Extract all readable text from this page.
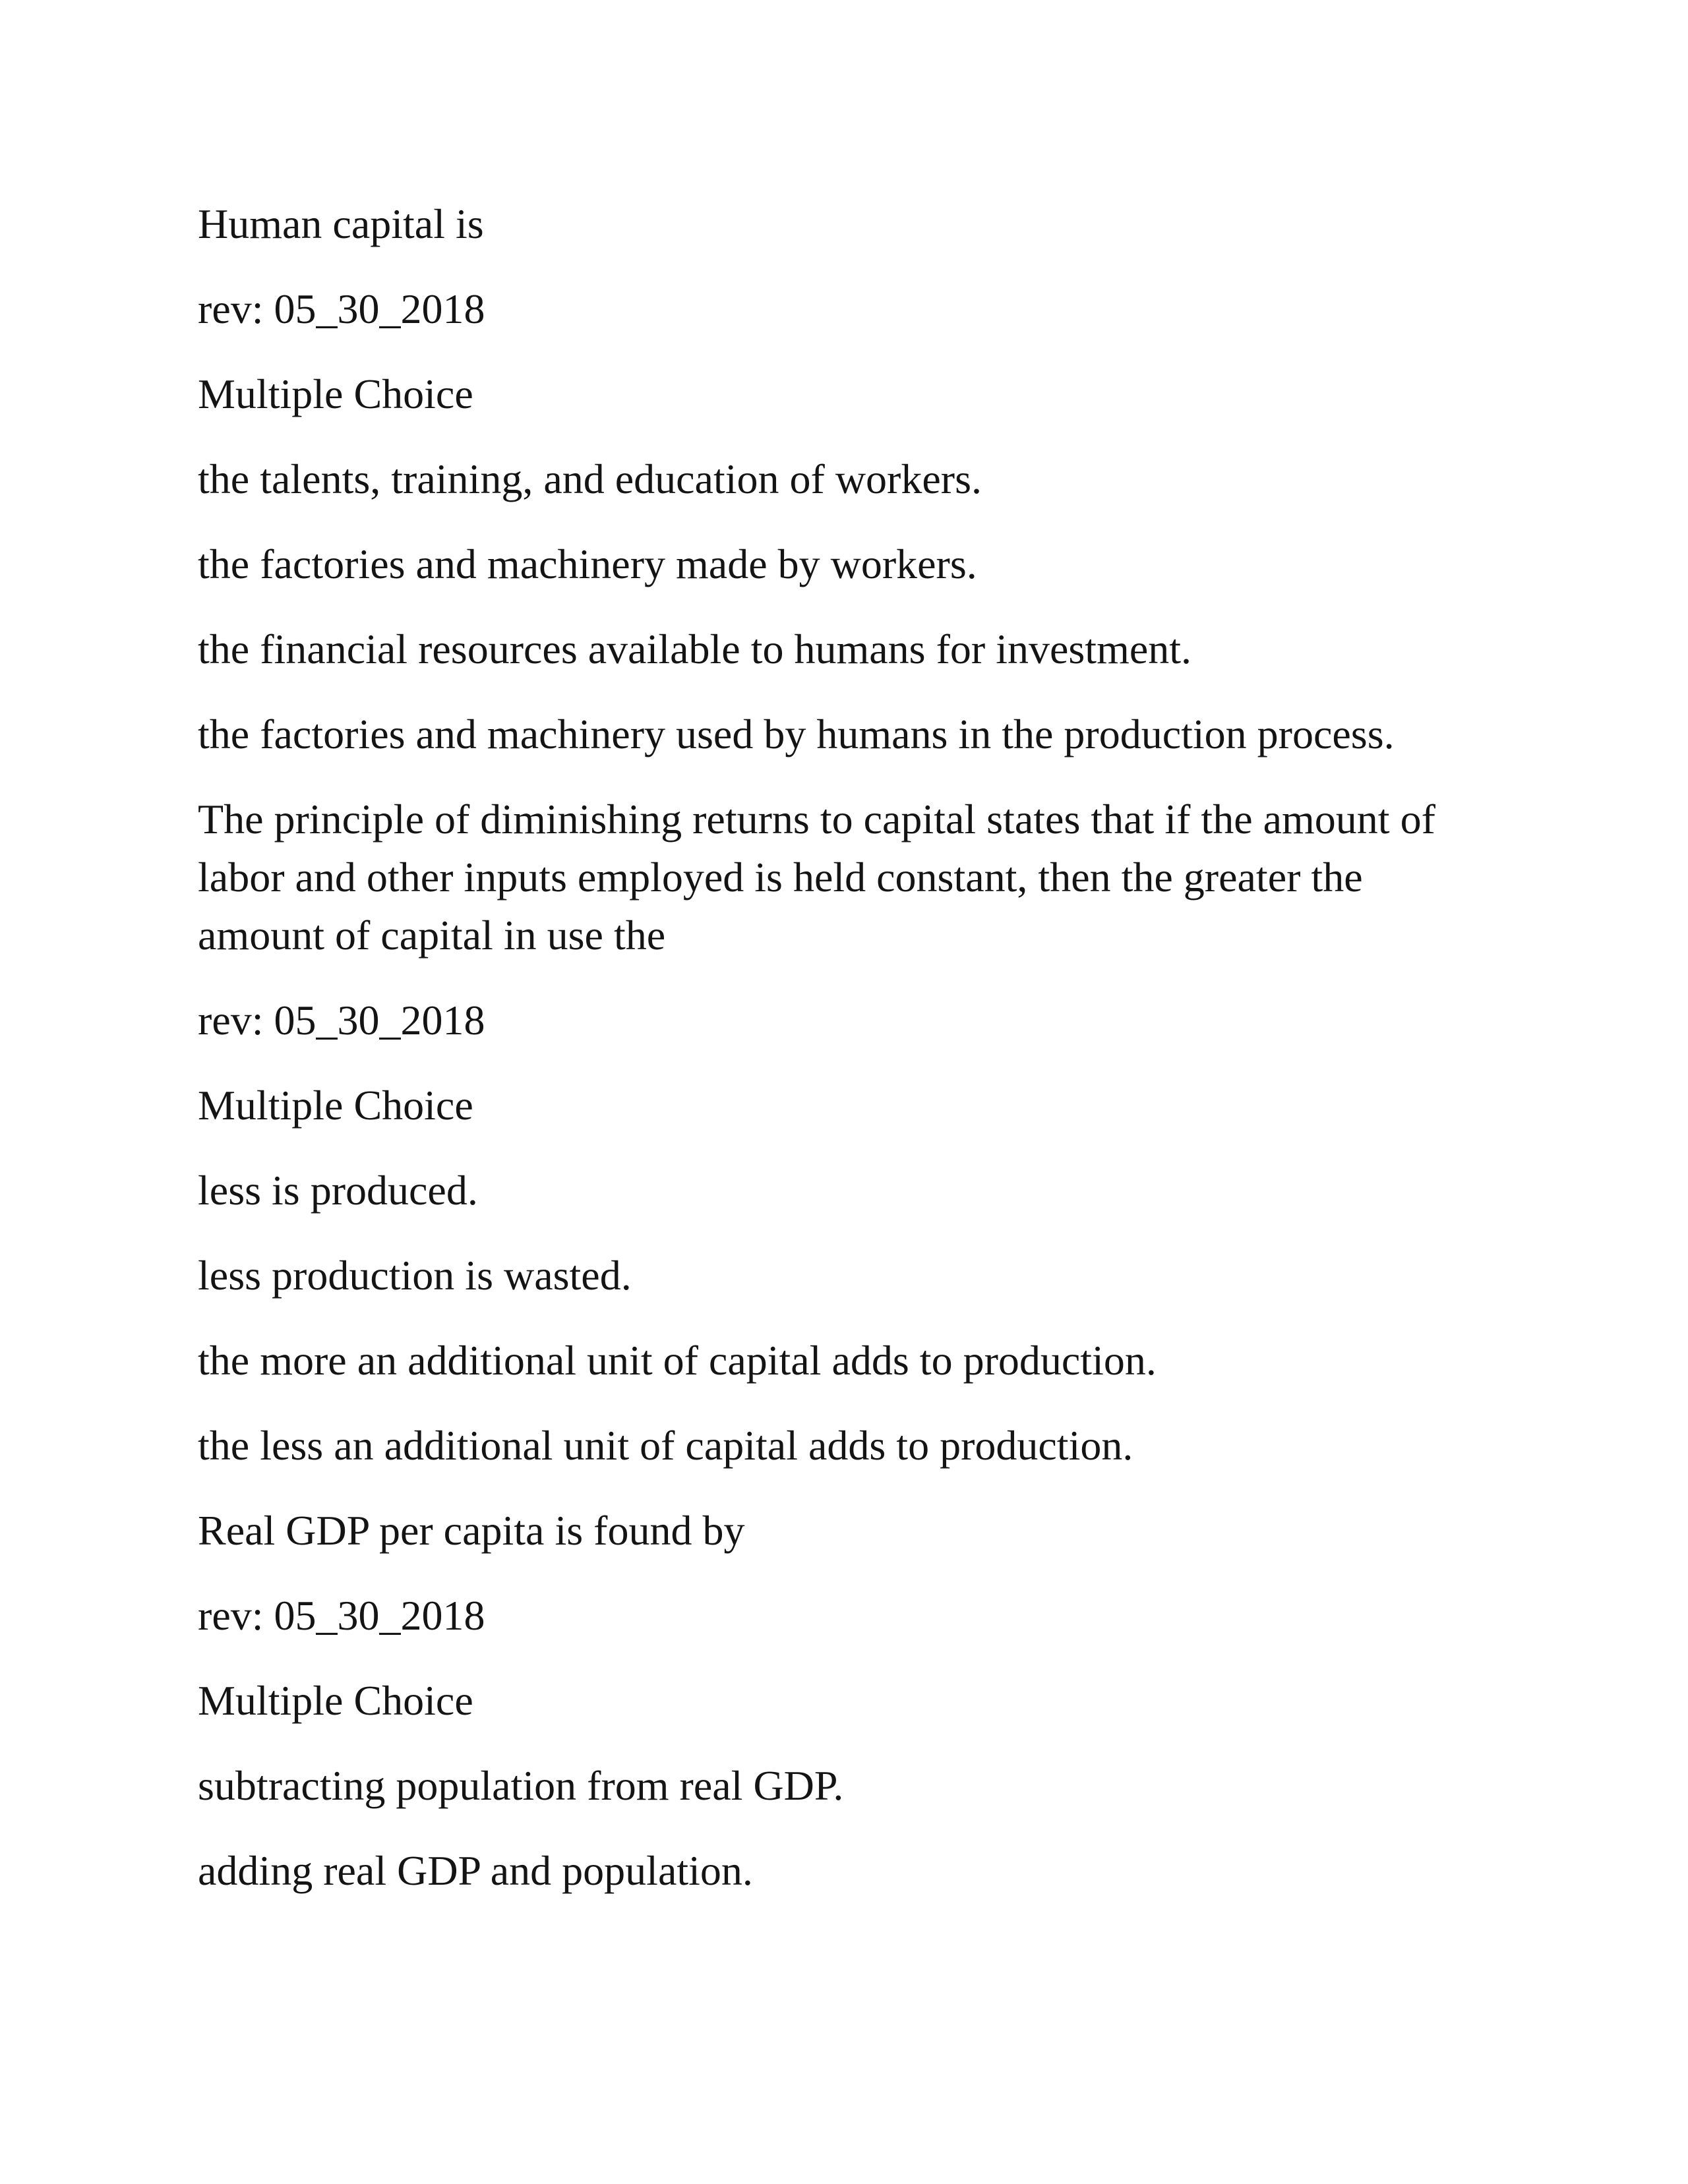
Human capital is

rev: 05_30_2018

Multiple Choice

the talents, training, and education of workers.

the factories and machinery made by workers.

the financial resources available to humans for investment.

the factories and machinery used by humans in the production process.

The principle of diminishing returns to capital states that if the amount of labor and other inputs employed is held constant, then the greater the amount of capital in use the

rev: 05_30_2018

Multiple Choice

less is produced.

less production is wasted.

the more an additional unit of capital adds to production.

the less an additional unit of capital adds to production.

Real GDP per capita is found by

rev: 05_30_2018

Multiple Choice

subtracting population from real GDP.

adding real GDP and population.
